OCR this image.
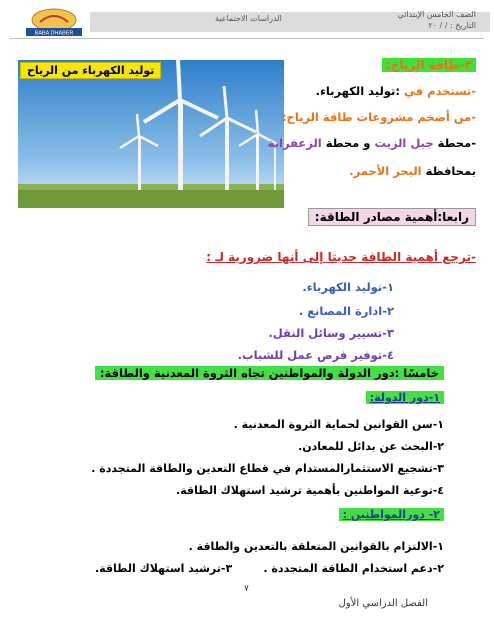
الصف الخامس الإبتدائي
التاريخ : / / ٢٠
الدراسات الاجتماعية
BABA DHABER
توليد الكهرباء من الرياح	٣-طاقة الرياح:
-تستخدم في :توليد الكهرباء.
-من أضخم مشروعات طاقة الرياح:
-محطة جبل الزيت و محطة الزعفرانة
بمحافظة البحر الأحمر.
رابعا:أهمية مصادر الطاقة:
-ترجع أهمية الطاقة حديثا إلى أنها ضرورية لـ :
١-توليد الكهرباء.
٢-ادارة المصانع .
٣-تسيير وسائل النقل.
٤-توفير فرص عمل للشباب.
خامسًا :دور الدولة والمواطنين تجاه الثروة المعدنية والطاقة:
١-دور الدولة:
١-سن القوانين لحماية الثروة المعدنية .
٢-البحث عن بدائل للمعادن.
٣-تشجيع الاستثمارالمستدام في قطاع التعدين والطاقة المتجددة .
٤-توعية المواطنين بأهمية ترشيد استهلاك الطاقة.
٢- دورالمواطنين :
١-الالتزام بالقوانين المتعلقة بالتعدين والطاقة .
٢-دعم استخدام الطاقة المتجددة .
٣-ترشيد استهلاك الطاقة.
٧
الفصل الدراسي الأول
